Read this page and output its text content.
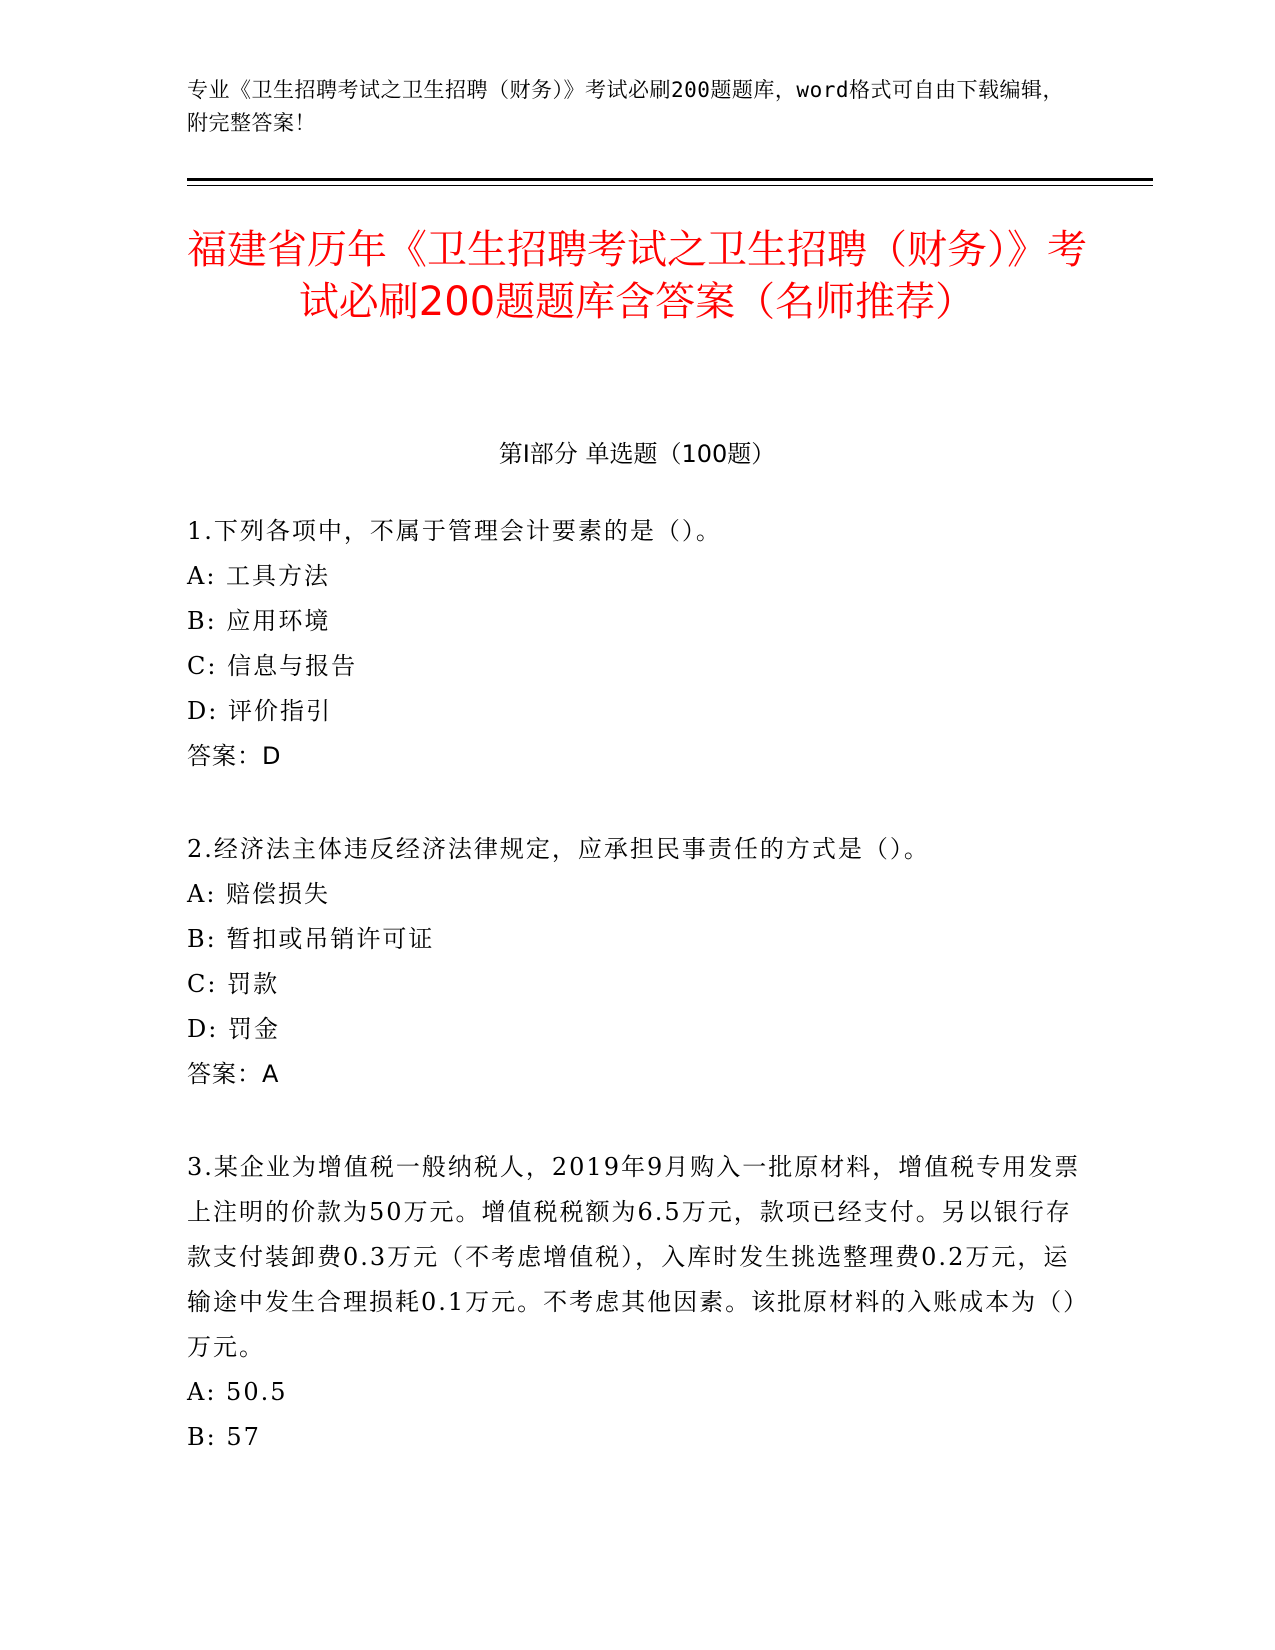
专业《卫生招聘考试之卫生招聘（财务）》考试必刷200题题库，word格式可自由下载编辑，附完整答案！
福建省历年《卫生招聘考试之卫生招聘（财务）》考试必刷200题题库含答案（名师推荐）
第I部分 单选题（100题）
1.下列各项中，不属于管理会计要素的是（）。
A: 工具方法
B: 应用环境
C: 信息与报告
D: 评价指引
答案：D
2.经济法主体违反经济法律规定，应承担民事责任的方式是（）。
A: 赔偿损失
B: 暂扣或吊销许可证
C: 罚款
D: 罚金
答案：A
3.某企业为增值税一般纳税人，2019年9月购入一批原材料，增值税专用发票上注明的价款为50万元。增值税税额为6.5万元，款项已经支付。另以银行存款支付装卸费0.3万元（不考虑增值税），入库时发生挑选整理费0.2万元，运输途中发生合理损耗0.1万元。不考虑其他因素。该批原材料的入账成本为（）万元。
A: 50.5
B: 57
